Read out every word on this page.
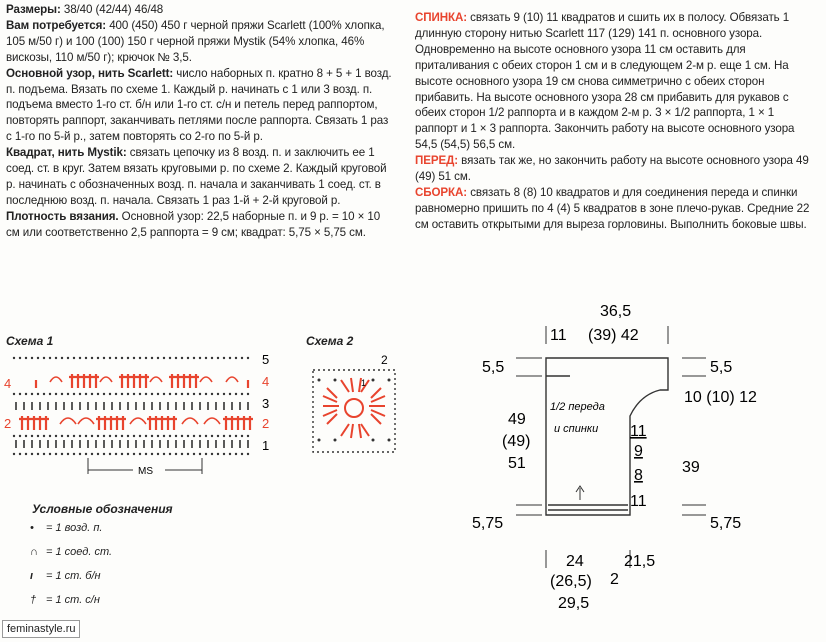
Размеры: 38/40 (42/44) 46/48

Вам потребуется: 400 (450) 450 г черной пряжи Scarlett (100% хлопка, 105 м/50 г) и 100 (100) 150 г черной пряжи Mystik (54% хлопка, 46% вискозы, 110 м/50 г); крючок № 3,5.

Основной узор, нить Scarlett: число наборных п. кратно 8 + 5 + 1 возд. п. подъема. Вязать по схеме 1. Каждый р. начинать с 1 или 3 возд. п. подъема вместо 1-го ст. б/н или 1-го ст. с/н и петель перед раппортом, повторять раппорт, заканчивать петлями после раппорта. Связать 1 раз с 1-го по 5-й р., затем повторять со 2-го по 5-й р.

Квадрат, нить Mystik: связать цепочку из 8 возд. п. и заключить ее 1 соед. ст. в круг. Затем вязать круговыми р. по схеме 2. Каждый круговой р. начинать с обозначенных возд. п. начала и заканчивать 1 соед. ст. в последнюю возд. п. начала. Связать 1 раз 1-й + 2-й круговой р.

Плотность вязания. Основной узор: 22,5 наборные п. и 9 р. = 10 × 10 см или соответственно 2,5 раппорта = 9 см; квадрат: 5,75 × 5,75 см.

СПИНКА: связать 9 (10) 11 квадратов и сшить их в полосу. Обвязать 1 длинную сторону нитью Scarlett 117 (129) 141 п. основного узора. Одновременно на высоте основного узора 11 см оставить для приталивания с обеих сторон 1 см и в следующем 2-м р. еще 1 см. На высоте основного узора 19 см снова симметрично с обеих сторон прибавить. На высоте основного узора 28 см прибавить для рукавов с обеих сторон 1/2 раппорта и в каждом 2-м р. 3 × 1/2 раппорта, 1 × 1 раппорт и 1 × 3 раппорта. Закончить работу на высоте основного узора 54,5 (54,5) 56,5 см.

ПЕРЕД: вязать так же, но закончить работу на высоте основного узора 49 (49) 51 см.

СБОРКА: связать 8 (8) 10 квадратов и для соединения переда и спинки равномерно пришить по 4 (4) 5 квадратов в зоне плечо-рукав. Средние 22 см оставить открытыми для выреза горловины. Выполнить боковые швы.

Схема 1
MS
5
4
3
2
1
4
2
Схема 2
2
1
Условные обозначения
• = 1 возд. п.
∩ = 1 соед. ст.
ı = 1 ст. б/н
† = 1 ст. с/н
36,5
11 (39) 42
5,5	5,5
10 (10) 12
49
(49)
51
1/2 переда
и спинки 11
9
8
11
39
5,75	5,75
24
(26,5)
29,5
21,5
2
feminastyle.ru
